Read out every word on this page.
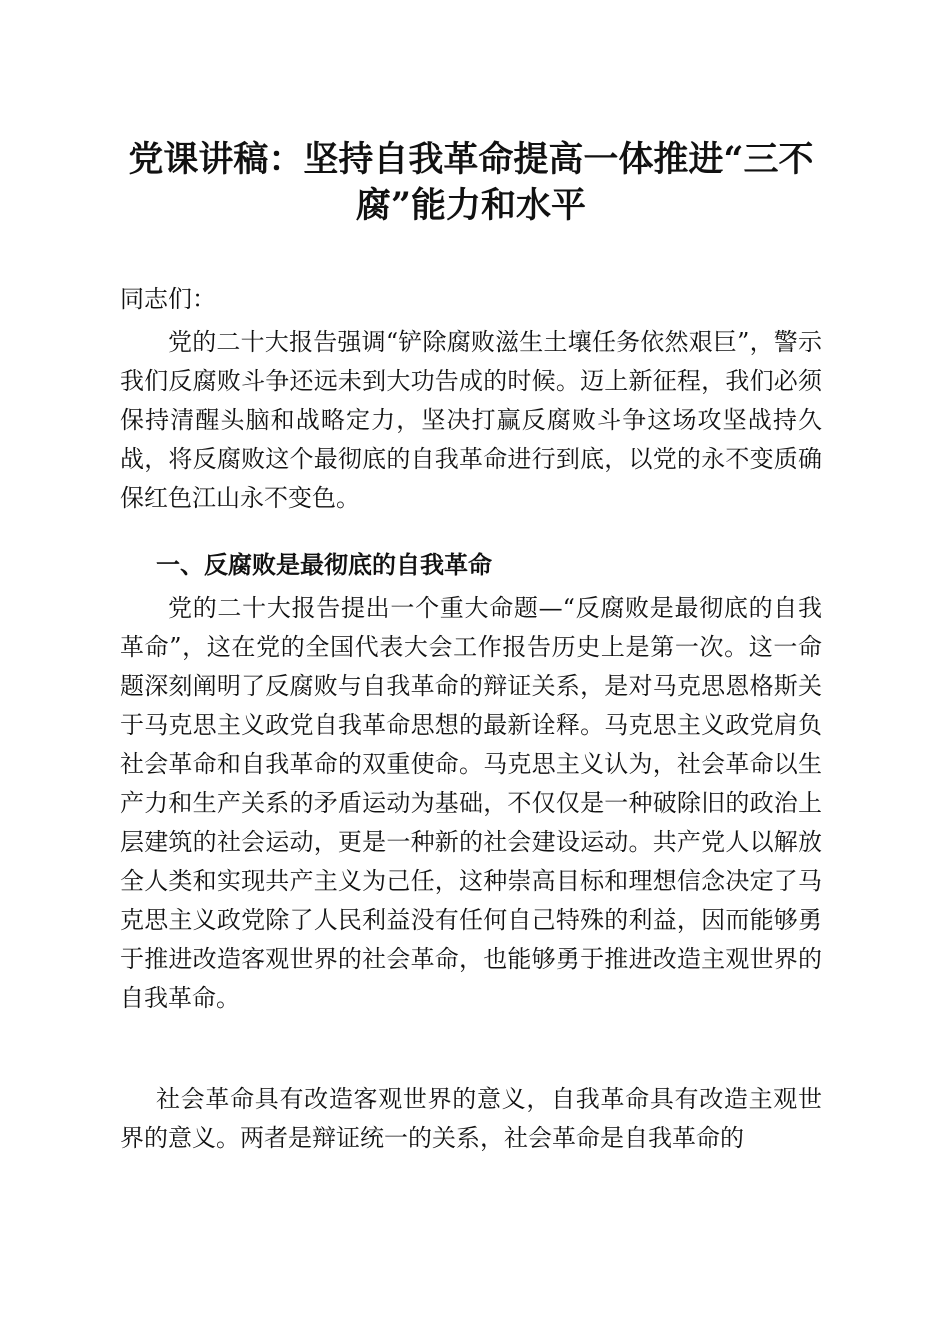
党课讲稿：坚持自我革命提高一体推进“三不腐”能力和水平

同志们：

党的二十大报告强调“铲除腐败滋生土壤任务依然艰巨”，警示我们反腐败斗争还远未到大功告成的时候。迈上新征程，我们必须保持清醒头脑和战略定力，坚决打赢反腐败斗争这场攻坚战持久战，将反腐败这个最彻底的自我革命进行到底，以党的永不变质确保红色江山永不变色。

一、反腐败是最彻底的自我革命

党的二十大报告提出一个重大命题—“反腐败是最彻底的自我革命”，这在党的全国代表大会工作报告历史上是第一次。这一命题深刻阐明了反腐败与自我革命的辩证关系，是对马克思恩格斯关于马克思主义政党自我革命思想的最新诠释。马克思主义政党肩负社会革命和自我革命的双重使命。马克思主义认为，社会革命以生产力和生产关系的矛盾运动为基础，不仅仅是一种破除旧的政治上层建筑的社会运动，更是一种新的社会建设运动。共产党人以解放全人类和实现共产主义为己任，这种崇高目标和理想信念决定了马克思主义政党除了人民利益没有任何自己特殊的利益，因而能够勇于推进改造客观世界的社会革命，也能够勇于推进改造主观世界的自我革命。

社会革命具有改造客观世界的意义，自我革命具有改造主观世界的意义。两者是辩证统一的关系，社会革命是自我革命的
